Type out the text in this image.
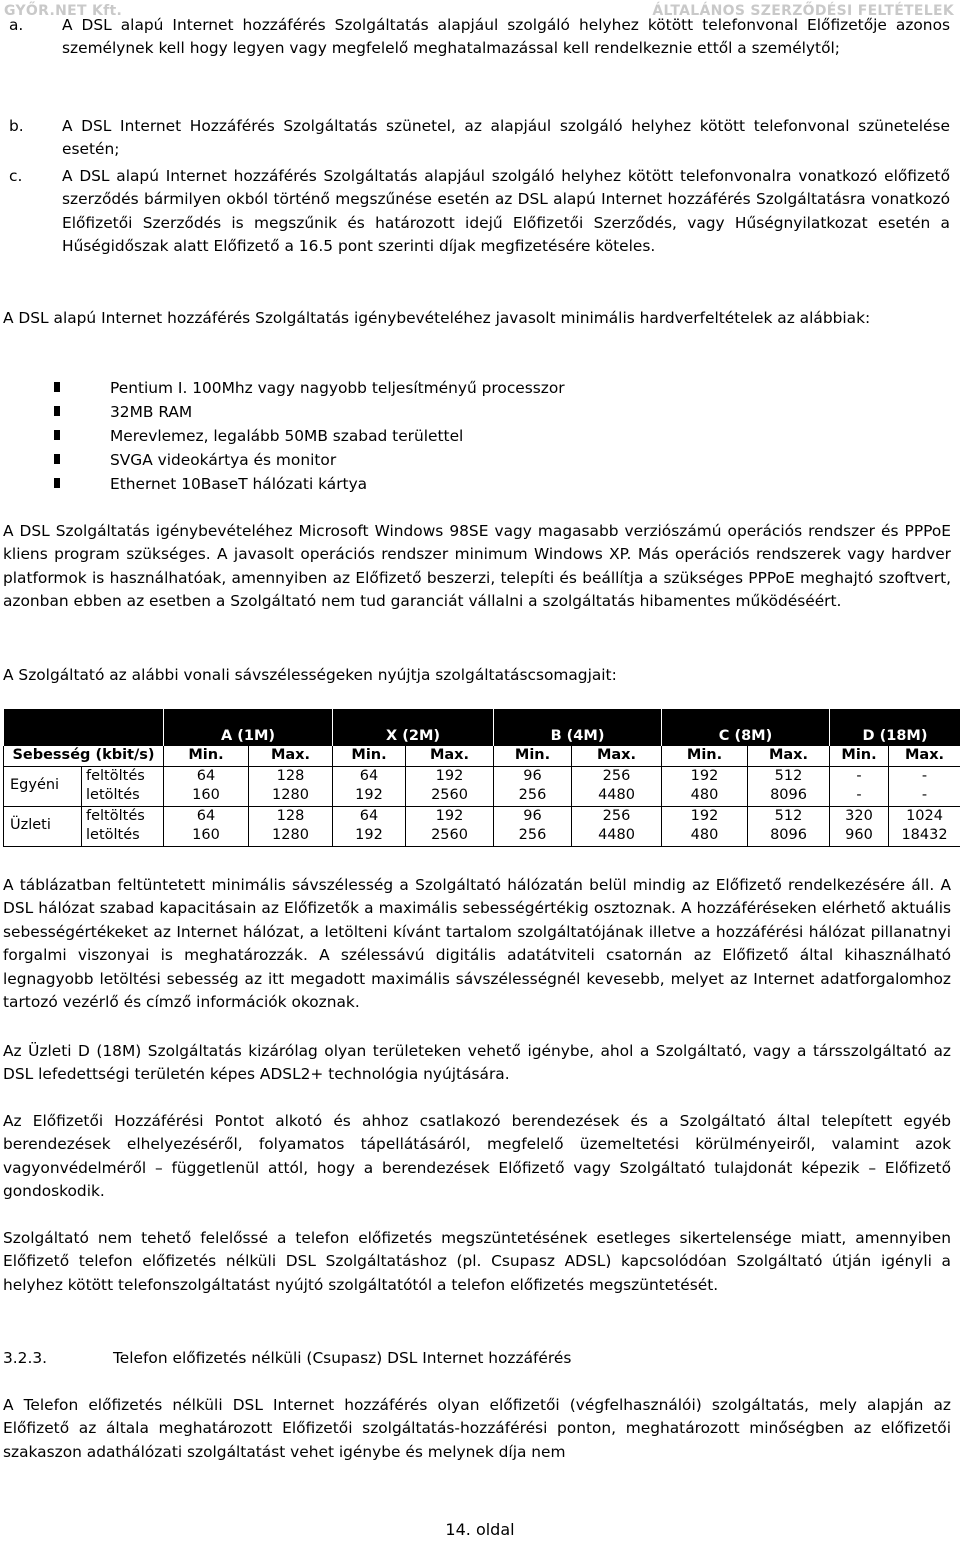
GYŐR.NET Kft.	ÁLTALÁNOS SZERZŐDÉSI FELTÉTELEK
a.	A DSL alapú Internet hozzáférés Szolgáltatás alapjául szolgáló helyhez kötött telefonvonal Előfizetője azonos személynek kell hogy legyen vagy megfelelő meghatalmazással kell rendelkeznie ettől a személytől;
b. A DSL Internet Hozzáférés Szolgáltatás szünetel, az alapjául szolgáló helyhez kötött telefonvonal szünetelése esetén;
c.	A DSL alapú Internet hozzáférés Szolgáltatás alapjául szolgáló helyhez kötött telefonvonalra vonatkozó előfizető szerződés bármilyen okból történő megszűnése esetén az DSL alapú Internet hozzáférés Szolgáltatásra vonatkozó Előfizetői Szerződés is megszűnik és határozott idejű Előfizetői Szerződés, vagy Hűségnyilatkozat esetén a Hűségidőszak alatt Előfizető a 16.5 pont szerinti díjak megfizetésére köteles.

A DSL alapú Internet hozzáférés Szolgáltatás igénybevételéhez javasolt minimális hardverfeltételek az alábbiak:

Pentium I. 100Mhz vagy nagyobb teljesítményű processzor

32MB RAM

Merevlemez, legalább 50MB szabad területtel

SVGA videokártya és monitor

Ethernet 10BaseT hálózati kártya

A DSL Szolgáltatás igénybevételéhez Microsoft Windows 98SE vagy magasabb verziószámú operációs rendszer és PPPoE kliens program szükséges. A javasolt operációs rendszer minimum Windows XP. Más operációs rendszerek vagy hardver platformok is használhatóak, amennyiben az Előfizető beszerzi, telepíti és beállítja a szükséges PPPoE meghajtó szoftvert, azonban ebben az esetben a Szolgáltató nem tud garanciát vállalni a szolgáltatás hibamentes működéséért.

A Szolgáltató az alábbi vonali sávszélességeken nyújtja szolgáltatáscsomagjait:

		A (1M)		X (2M)		B (4M)		C (8M)		D (18M)	
Sebesség (kbit/s)		Min.	Max.	Min.	Max.	Min.	Max.	Min.	Max.	Min.	Max.
Egyéni	feltöltés	64	128	64	192	96	256	192	512	-	-
	letöltés	160	1280	192	2560	256	4480	480	8096	-	-
Üzleti	feltöltés	64	128	64	192	96	256	192	512	320	1024
	letöltés	160	1280	192	2560	256	4480	480	8096	960	18432

A táblázatban feltüntetett minimális sávszélesség a Szolgáltató hálózatán belül mindig az Előfizető rendelkezésére áll. A DSL hálózat szabad kapacitásain az Előfizetők a maximális sebességértékig osztoznak. A hozzáféréseken elérhető aktuális sebességértékeket az Internet hálózat, a letölteni kívánt tartalom szolgáltatójának illetve a hozzáférési hálózat pillanatnyi forgalmi viszonyai is meghatározzák. A szélessávú digitális adatátviteli csatornán az Előfizető által kihasználható legnagyobb letöltési sebesség az itt megadott maximális sávszélességnél kevesebb, melyet az Internet adatforgalomhoz tartozó vezérlő és címző információk okoznak.

Az Üzleti D (18M) Szolgáltatás kizárólag olyan területeken vehető igénybe, ahol a Szolgáltató, vagy a társszolgáltató az DSL lefedettségi területén képes ADSL2+ technológia nyújtására.

Az Előfizetői Hozzáférési Pontot alkotó és ahhoz csatlakozó berendezések és a Szolgáltató által telepített egyéb berendezések elhelyezéséről, folyamatos tápellátásáról, megfelelő üzemeltetési körülményeiről, valamint azok vagyonvédelméről – függetlenül attól, hogy a berendezések Előfizető vagy Szolgáltató tulajdonát képezik – Előfizető gondoskodik.

Szolgáltató nem tehető felelőssé a telefon előfizetés megszüntetésének esetleges sikertelensége miatt, amennyiben Előfizető telefon előfizetés nélküli DSL Szolgáltatáshoz (pl. Csupasz ADSL) kapcsolódóan Szolgáltató útján igényli a helyhez kötött telefonszolgáltatást nyújtó szolgáltatótól a telefon előfizetés megszüntetését.

3.2.3.	Telefon előfizetés nélküli (Csupasz) DSL Internet hozzáférés

A Telefon előfizetés nélküli DSL Internet hozzáférés olyan előfizetői (végfelhasználói) szolgáltatás, mely alapján az Előfizető az általa meghatározott Előfizetői szolgáltatás-hozzáférési ponton, meghatározott minőségben az előfizetői szakaszon adathálózati szolgáltatást vehet igénybe és melynek díja nem

14. oldal
